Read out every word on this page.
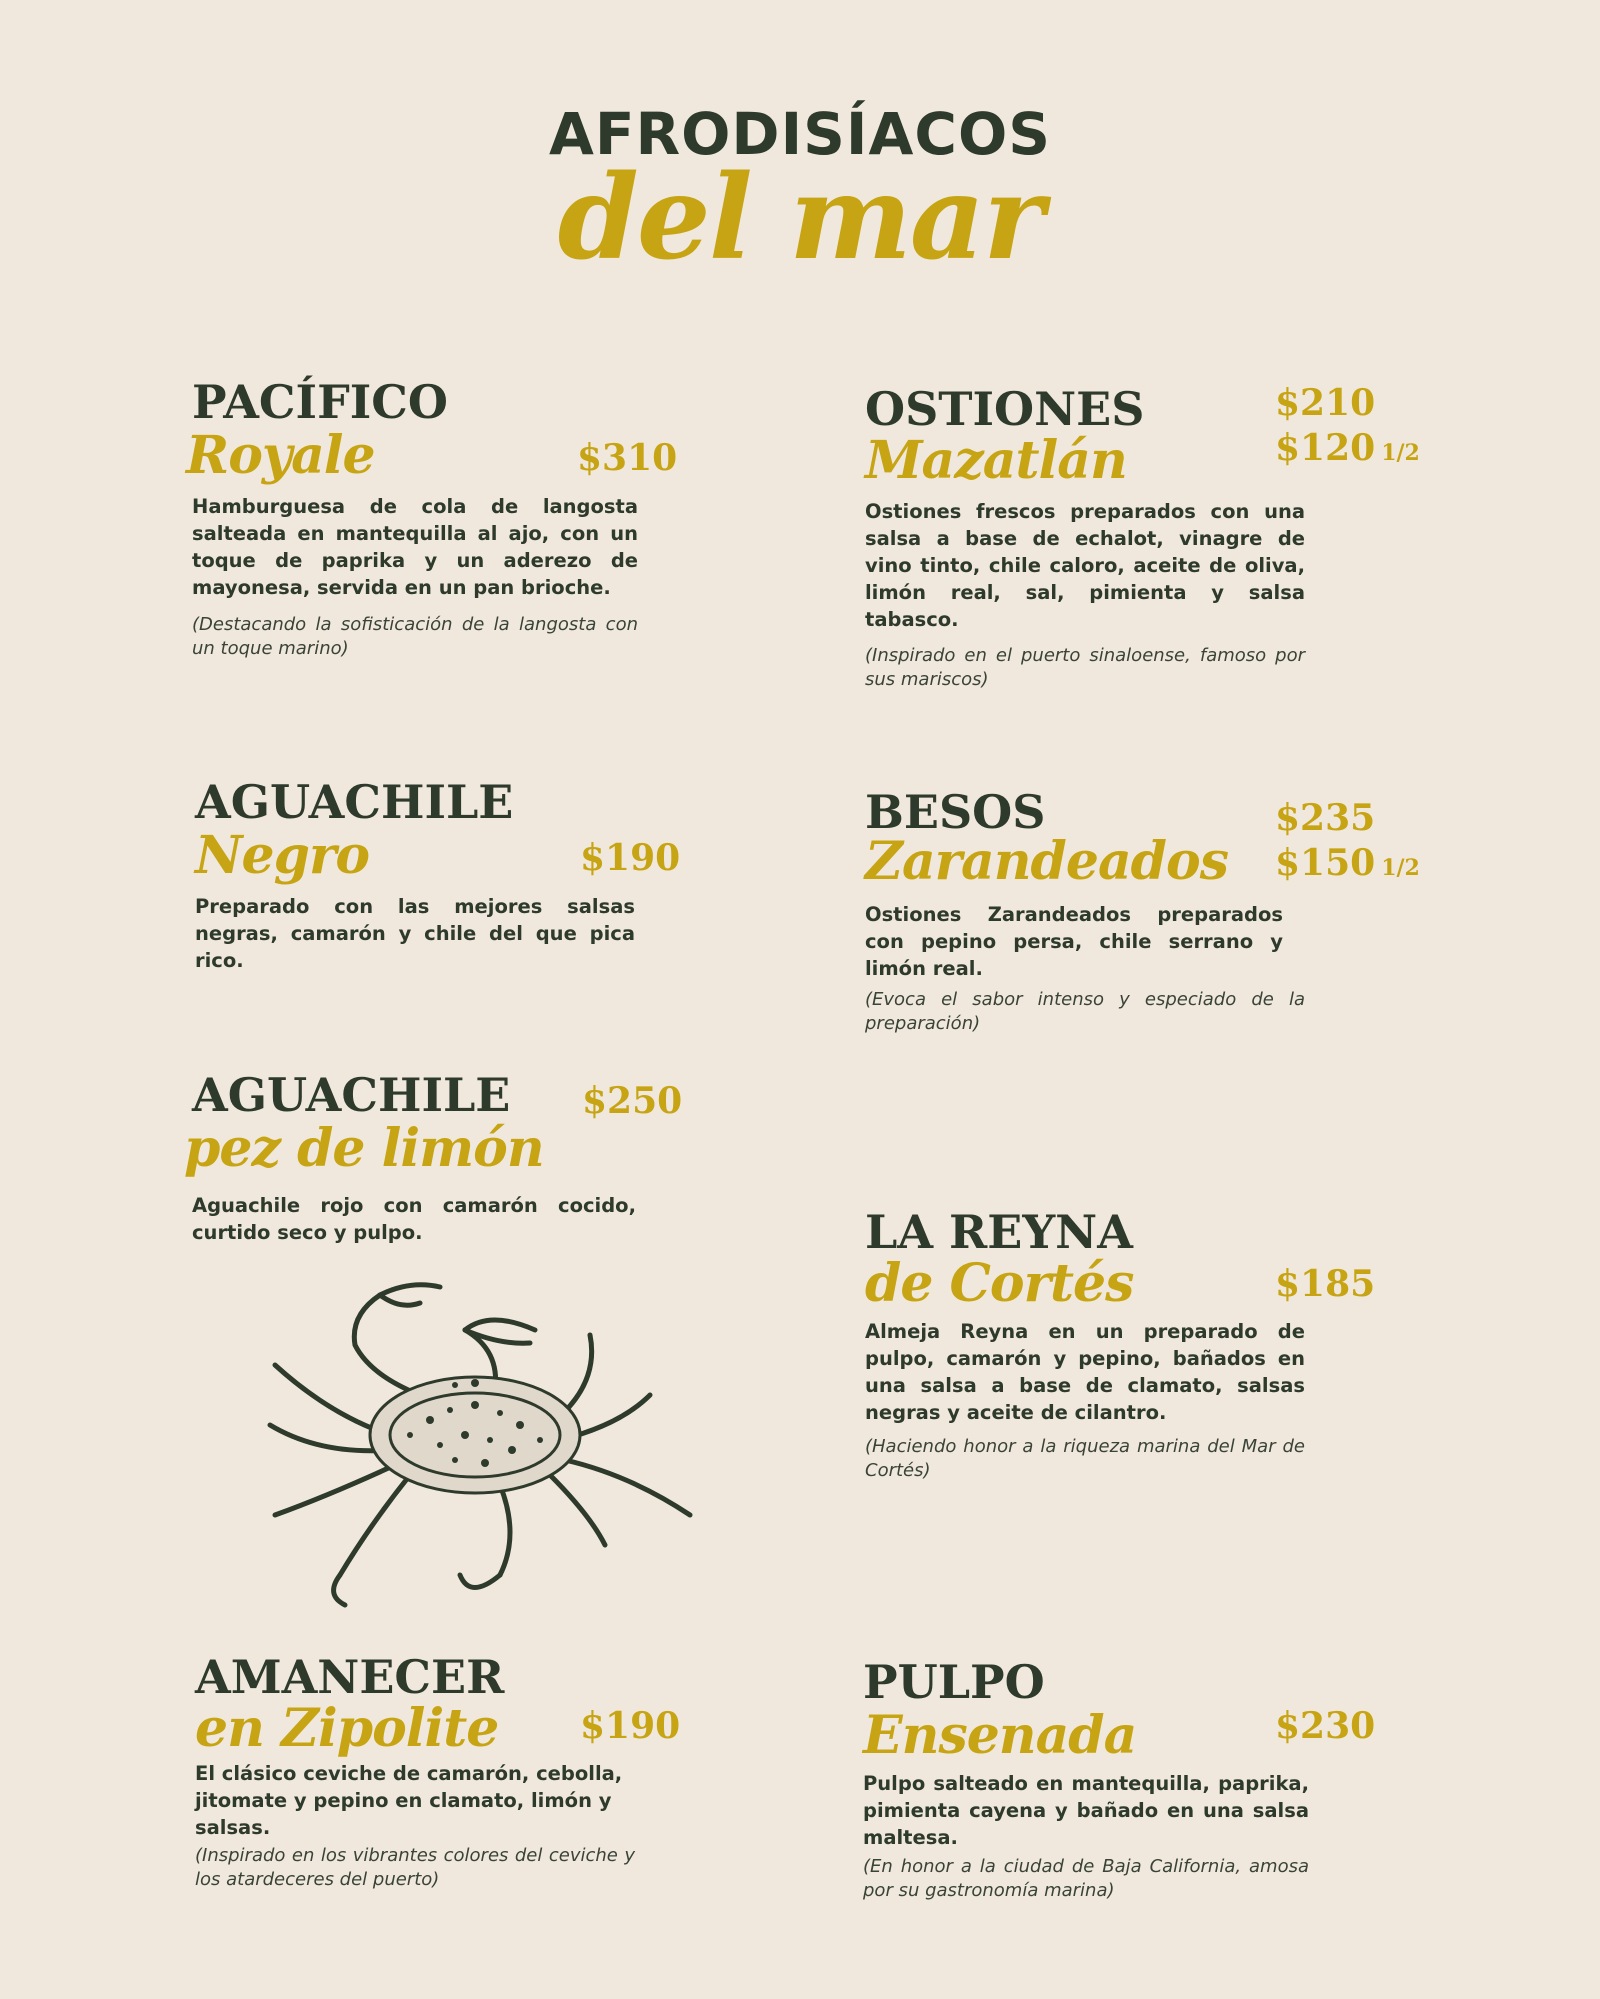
AFRODISÍACOS
del mar
PACÍFICO
Royale	$310
Hamburguesa de cola de langosta salteada en mantequilla al ajo, con un toque de paprika y un aderezo de mayonesa, servida en un pan brioche.
(Destacando la sofisticación de la langosta con un toque marino)
OSTIONES
Mazatlán
$210
$120 1/2
Ostiones frescos preparados con una salsa a base de echalot, vinagre de vino tinto, chile caloro, aceite de oliva, limón real, sal, pimienta y salsa tabasco.
(Inspirado en el puerto sinaloense, famoso por sus mariscos)
AGUACHILE
Negro	$190
Preparado con las mejores salsas negras, camarón y chile del que pica rico.
BESOS
Zarandeados
$235
$150 1/2
Ostiones Zarandeados preparados con pepino persa, chile serrano y limón real.
(Evoca el sabor intenso y especiado de la preparación)
AGUACHILE
pez de limón
$250
Aguachile rojo con camarón cocido, curtido seco y pulpo.	LA REYNA
de Cortés	$185
Almeja Reyna en un preparado de pulpo, camarón y pepino, bañados en una salsa a base de clamato, salsas negras y aceite de cilantro.
(Haciendo honor a la riqueza marina del Mar de Cortés)
AMANECER
en Zipolite $190
El clásico ceviche de camarón, cebolla, jitomate y pepino en clamato, limón y salsas.
(Inspirado en los vibrantes colores del ceviche y los atardeceres del puerto)
PULPO
Ensenada	$230
Pulpo salteado en mantequilla, paprika, pimienta cayena y bañado en una salsa maltesa.
(En honor a la ciudad de Baja California, amosa por su gastronomía marina)
